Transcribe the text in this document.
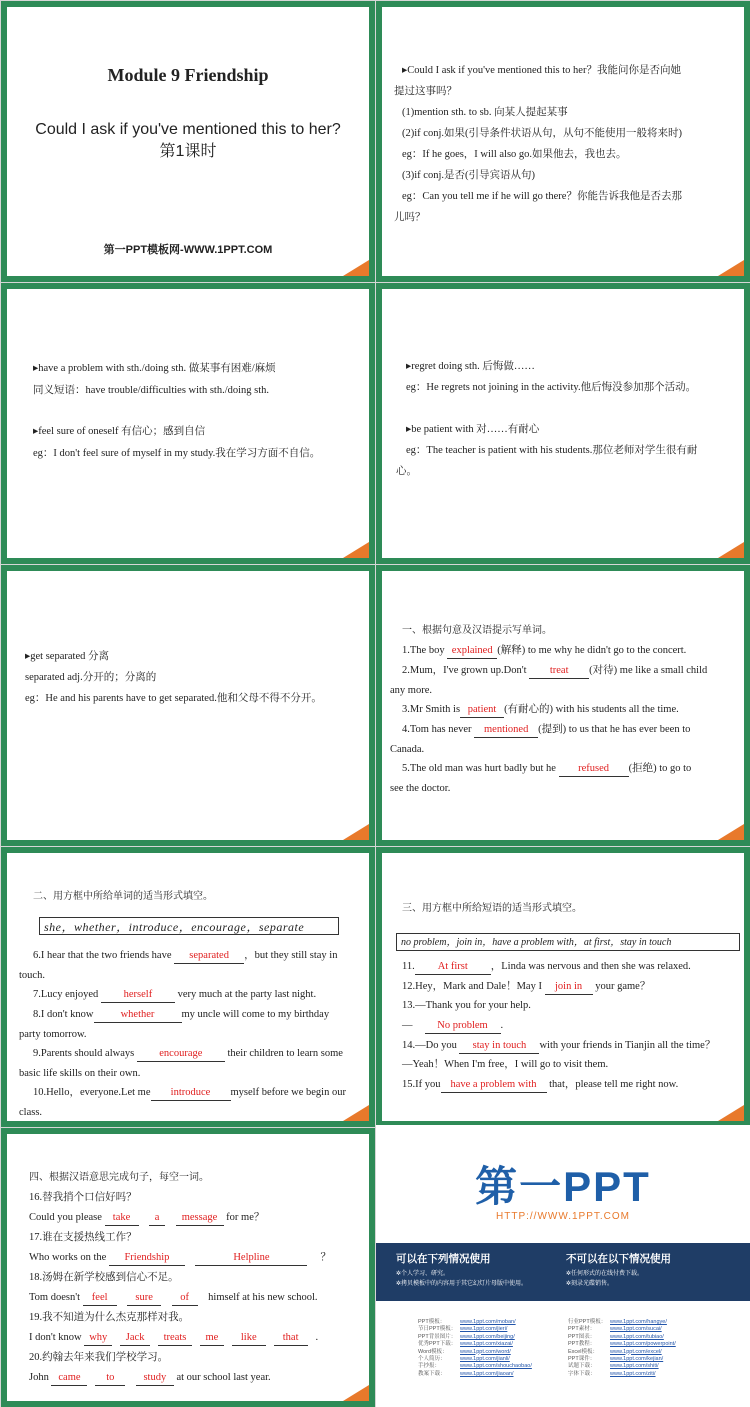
Module 9 Friendship
Could I ask if you've mentioned this to her?
第1课时
第一PPT模板网-WWW.1PPT.COM
▸Could I ask if you've mentioned this to her？我能问你是否向她
提过这事吗？
(1)mention sth. to sb. 向某人提起某事
(2)if conj.如果(引导条件状语从句，从句不能使用一般将来时)
eg：If he goes，I will also go.如果他去，我也去。
(3)if conj.是否(引导宾语从句)
eg：Can you tell me if he will go there？你能告诉我他是否去那
儿吗？
▸have a problem with sth./doing sth. 做某事有困难/麻烦
同义短语：have trouble/difficulties with sth./doing sth.
▸feel sure of oneself 有信心；感到自信
eg：I don't feel sure of myself in my study.我在学习方面不自信。
▸regret doing sth. 后悔做……
eg：He regrets not joining in the activity.他后悔没参加那个活动。
▸be patient with 对……有耐心
eg：The teacher is patient with his students.那位老师对学生很有耐
心。
▸get separated 分离
separated adj.分开的；分离的
eg：He and his parents have to get separated.他和父母不得不分开。
一、根据句意及汉语提示写单词。
1.The boy explained (解释) to me why he didn't go to the concert.
2.Mum，I've grown up.Don't treat (对待) me like a small child
any more.
3.Mr Smith is patient (有耐心的) with his students all the time.
4.Tom has never mentioned (提到) to us that he has ever been to
Canada.
5.The old man was hurt badly but he refused (拒绝) to go to
see the doctor.
二、用方框中所给单词的适当形式填空。
she，whether，introduce，encourage，separate
6.I hear that the two friends have separated ，but they still stay in
touch.
7.Lucy enjoyed herself very much at the party last night.
8.I don't know	whether	my uncle will come to my birthday
party tomorrow.
9.Parents should always encourage their children to learn some
basic life skills on their own.
10.Hello，everyone.Let me introduce myself before we begin our
class.
三、用方框中所给短语的适当形式填空。
no problem，join in，have a problem with，at first，stay in touch
11. At first ，Linda was nervous and then she was relaxed.
12.Hey，Mark and Dale！May I join in your game？
13.—Thank you for your help.
— No problem .
14.—Do you stay in touch with your friends in Tianjin all the time？
—Yeah！When I'm free，I will go to visit them.
15.If you have a problem with that，please tell me right now.
四、根据汉语意思完成句子，每空一词。
16.替我捎个口信好吗？
Could you please take a message for me？
17.谁在支援热线工作？
Who works on the Friendship	Helpline	？
18.汤姆在新学校感到信心不足。
Tom doesn't feel	sure	of    himself at his new school.
19.我不知道为什么杰克那样对我。
I don't know why Jack treats me like that .
20.约翰去年来我们学校学习。
John came to	study at our school last year.
第一PPT
HTTP://WWW.1PPT.COM
可以在下列情况使用
✲个人学习、研究。
✲拷贝模板中的内容用于其它幻灯片母版中使用。
不可以在以下情况使用
✲任何形式的在线付费下载。
✲刻录光碟销售。
PPT模板：	www.1ppt.com/moban/
节日PPT模板： www.1ppt.com/jieri/
PPT背景图片： www.1ppt.com/beijing/
优秀PPT下载： www.1ppt.com/xiazai/
Word模板： www.1ppt.com/word/
个人简历：	www.1ppt.com/jianli/
手抄报：	www.1ppt.com/shouchaobao/
教案下载：	www.1ppt.com/jiaoan/
行业PPT模板： www.1ppt.com/hangye/
PPT素材：	www.1ppt.com/sucai/
PPT图表：	www.1ppt.com/tubiao/
PPT教程：	www.1ppt.com/powerpoint/
Excel模板： www.1ppt.com/excel/
PPT课件：	www.1ppt.com/kejian/
试题下载：	www.1ppt.com/shiti/
字体下载：	www.1ppt.com/ziti/
